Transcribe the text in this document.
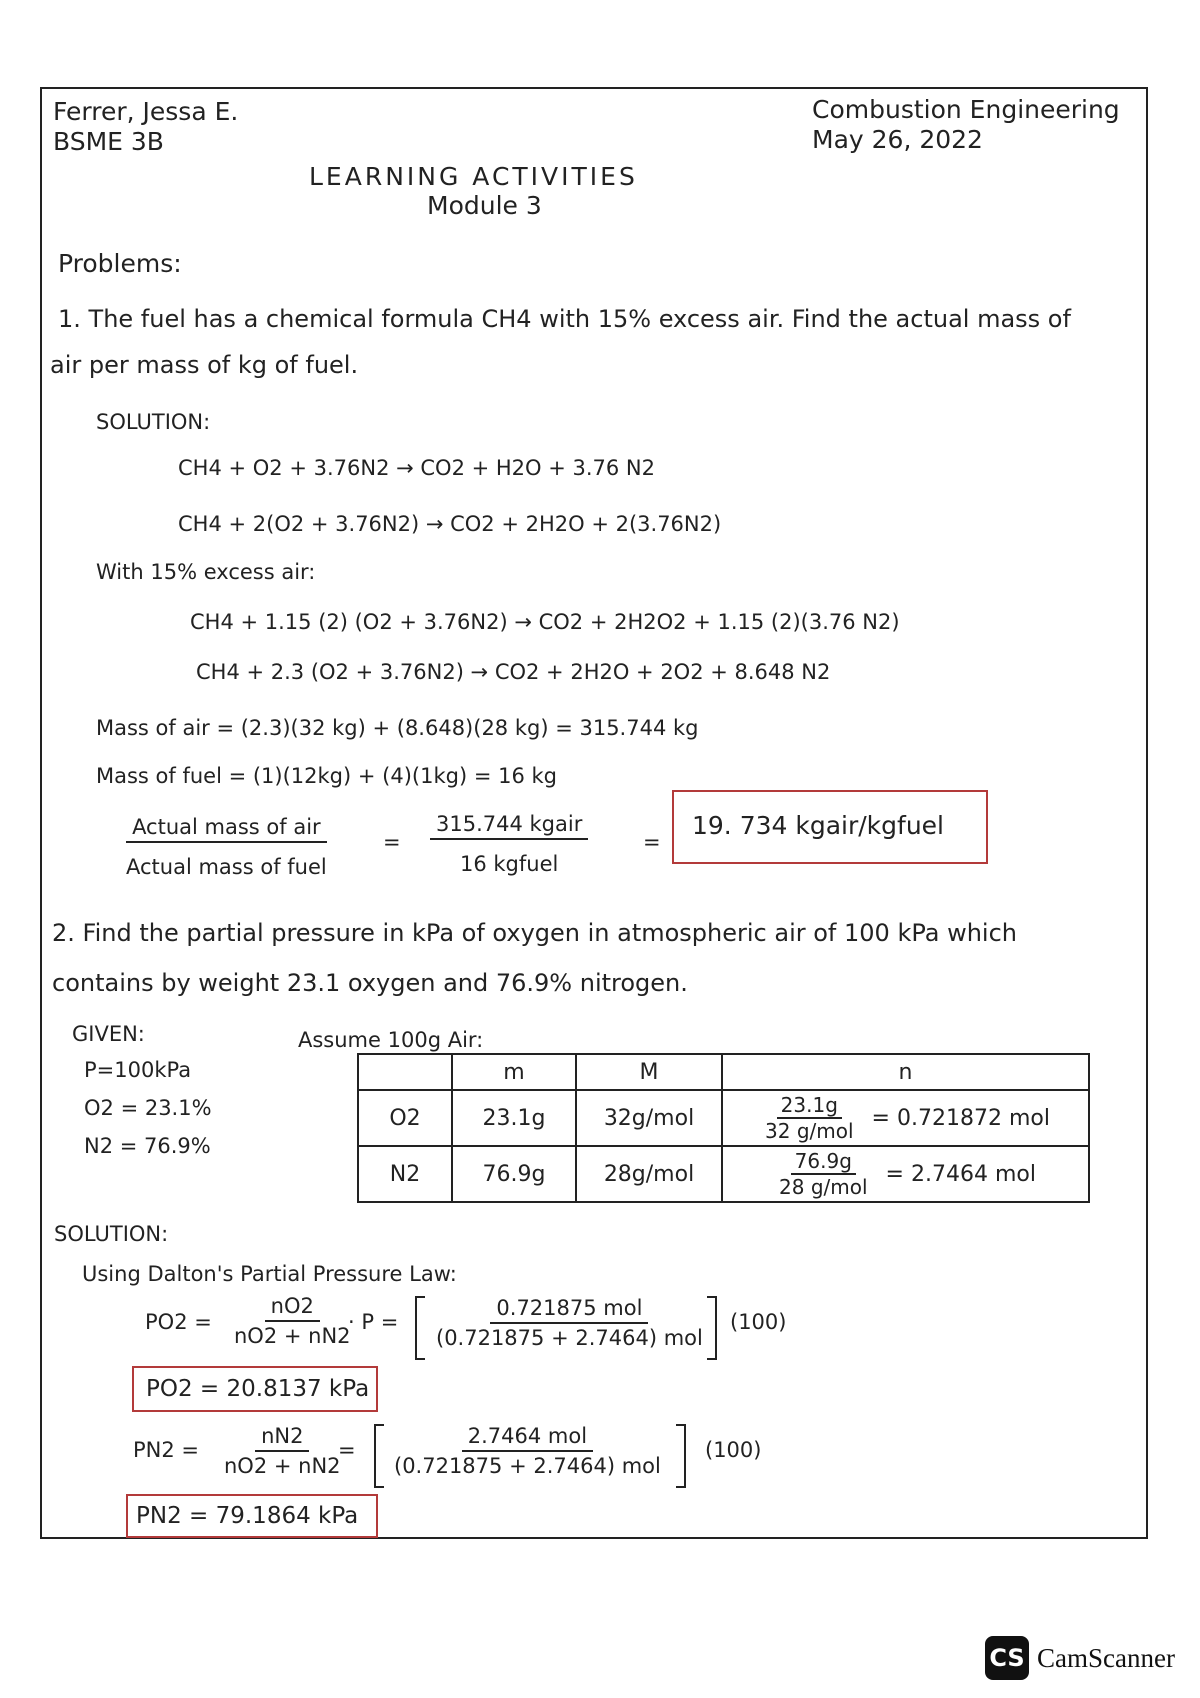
Ferrer, Jessa E.
BSME 3B
Combustion Engineering
May 26, 2022
LEARNING ACTIVITIES
Module 3
Problems:
1. The fuel has a chemical formula CH4 with 15% excess air. Find the actual mass of
air per mass of kg of fuel.
SOLUTION:
CH4 + O2 + 3.76N2 → CO2 + H2O + 3.76 N2
CH4 + 2(O2 + 3.76N2) → CO2 + 2H2O + 2(3.76N2)
With 15% excess air:
CH4 + 1.15 (2) (O2 + 3.76N2) → CO2 + 2H2O2 + 1.15 (2)(3.76 N2)
CH4 + 2.3 (O2 + 3.76N2) → CO2 + 2H2O + 2O2 + 8.648 N2
Mass of air = (2.3)(32 kg) + (8.648)(28 kg) = 315.744 kg
Mass of fuel = (1)(12kg) + (4)(1kg) = 16 kg
Actual mass of air
Actual mass of fuel
=
315.744 kgair
16 kgfuel
=
19. 734 kgair/kgfuel
2. Find the partial pressure in kPa of oxygen in atmospheric air of 100 kPa which
contains by weight 23.1 oxygen and 76.9% nitrogen.
GIVEN:
P=100kPa
O2 = 23.1%
N2 = 76.9%
Assume 100g Air:
	m	M	n
O2	23.1g	32g/mol	23.1g
32 g/mol
= 0.721872 mol

N2	76.9g	28g/mol	76.9g
28 g/mol
= 2.7464 mol
SOLUTION:
Using Dalton's Partial Pressure Law:
$PO2 = \frac{nO2}{nO2 + nN2}$
· P =
0.721875 mol
(0.721875 + 2.7464) mol
(100)
PO2 = 20.8137 kPa
$PN2 = \frac{nN2}{nO2 + nN2}$
=
2.7464 mol
(0.721875 + 2.7464) mol
(100)
PN2 = 79.1864 kPa
CS CamScanner
